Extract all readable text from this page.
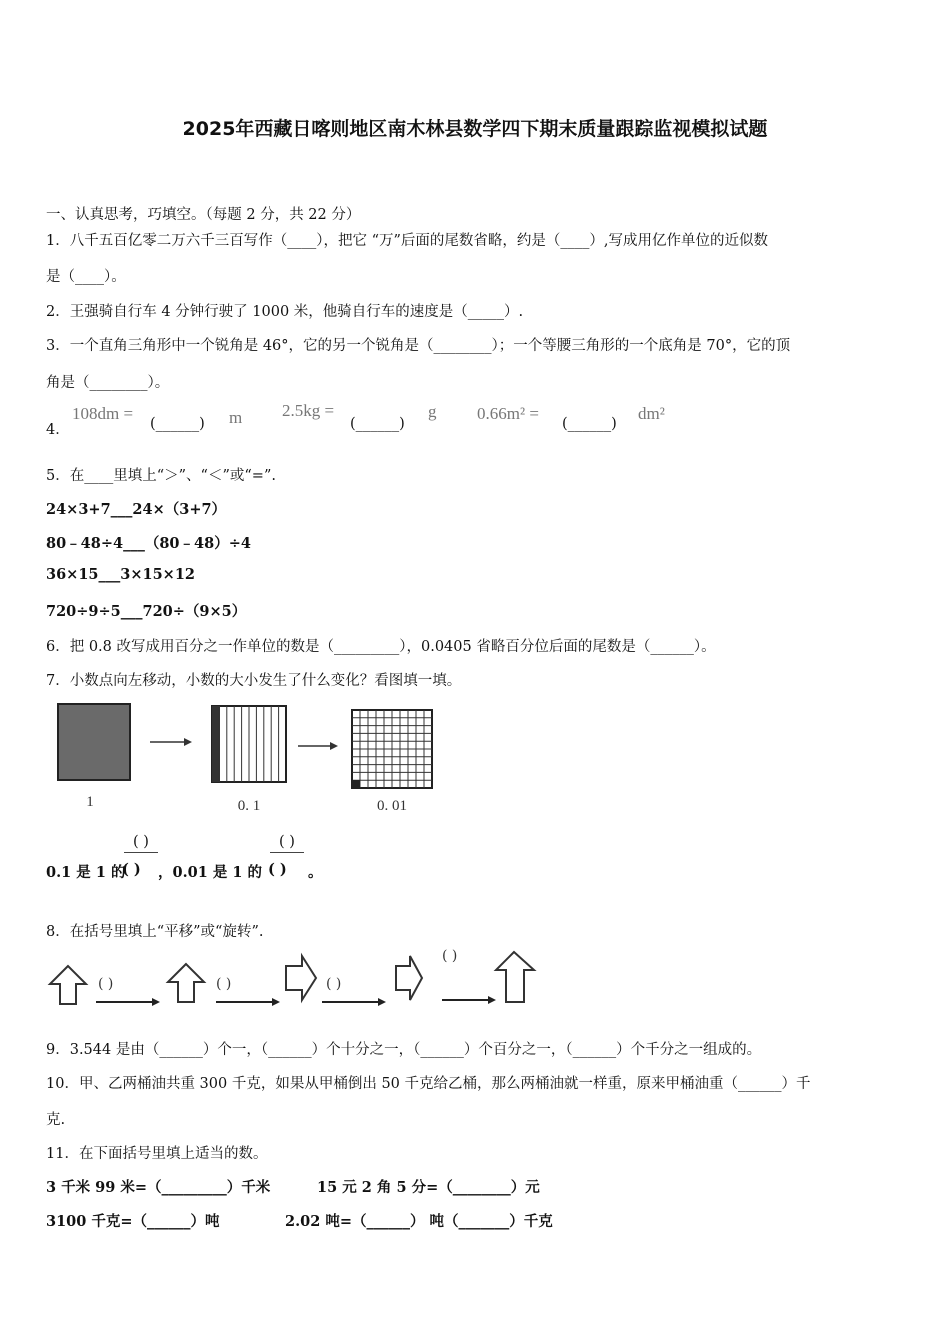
2025年西藏日喀则地区南木林县数学四下期末质量跟踪监视模拟试题
一、认真思考，巧填空。（每题 2 分，共 22 分）
1．八千五百亿零二万六千三百写作（____），把它 “万”后面的尾数省略，约是（____）,写成用亿作单位的近似数
是（____）。
2．王强骑自行车 4 分钟行驶了 1000 米，他骑自行车的速度是（_____）.
3．一个直角三角形中一个锐角是 46°，它的另一个锐角是（________）；一个等腰三角形的一个底角是 70°，它的顶
角是（________）。
4．
108dm =
(______) m 2.5kg =
(______)
g 0.66m² =
(______)
dm²
5．在____里填上“＞”、“＜”或“=”.
24×3+7___24×（3+7）
80﹣48÷4___（80﹣48）÷4
36×15___3×15×12
720÷9÷5___720÷（9×5）
6．把 0.8 改写成用百分之一作单位的数是（_________），0.0405 省略百分位后面的尾数是（______）。
7．小数点向左移动，小数的大小发生了什么变化？看图填一填。
1	0. 1	0. 01
( )	( )
0.1 是 1 的
( ) ，0.01 是 1 的 ( ) 。
8．在括号里填上“平移”或“旋转”.
( )	( )	( )
( )
9．3.544 是由（______）个一，（______）个十分之一，（______）个百分之一，（______）个千分之一组成的。
10．甲、乙两桶油共重 300 千克，如果从甲桶倒出 50 千克给乙桶，那么两桶油就一样重，原来甲桶油重（______）千
克.
11．在下面括号里填上适当的数。
3 千米 99 米=（_________）千米	15 元 2 角 5 分=（________）元
3100 千克=（______）吨	2.02 吨=（______） 吨（_______）千克
